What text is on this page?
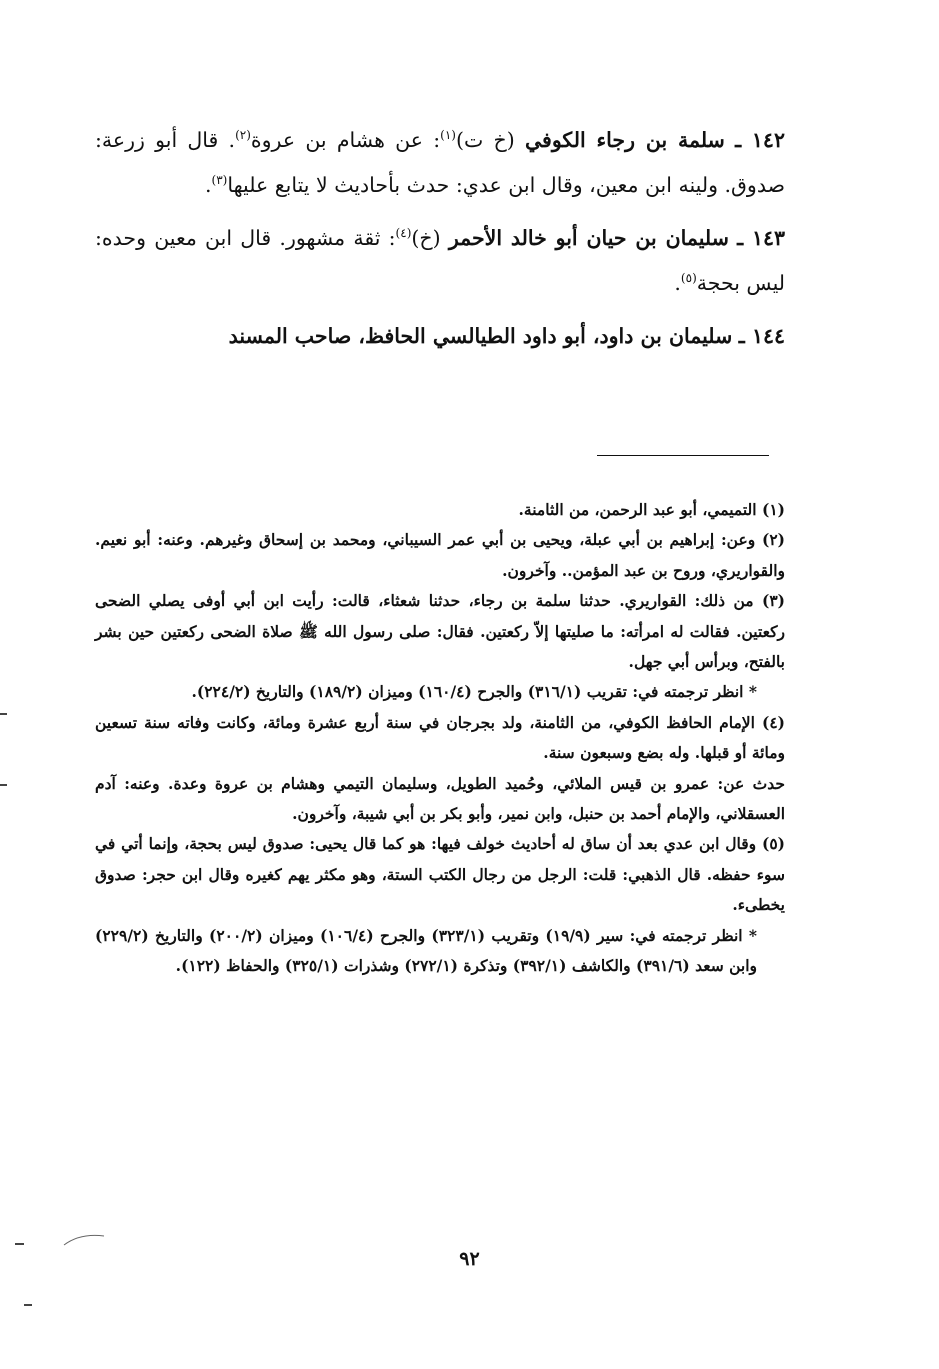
١٤٢ ـ سلمة بن رجاء الكوفي (خ ت)$^{(١)}$: عن هشام بن عروة$^{(٢)}$. قال أبو زرعة: صدوق. ولينه ابن معين، وقال ابن عدي: حدث بأحاديث لا يتابع عليها$^{(٣)}$.

١٤٣ ـ سليمان بن حيان أبو خالد الأحمر (خ)$^{(٤)}$: ثقة مشهور. قال ابن معين وحده: ليس بحجة$^{(٥)}$.

١٤٤ ـ سليمان بن داود، أبو داود الطيالسي الحافظ، صاحب المسند

(١) التميمي، أبو عبد الرحمن، من الثامنة.

(٢) وعن: إبراهيم بن أبي عبلة، ويحيى بن أبي عمر السيباني، ومحمد بن إسحاق وغيرهم. وعنه: أبو نعيم. والقواريري، وروح بن عبد المؤمن.. وآخرون.

(٣) من ذلك: القواريري. حدثنا سلمة بن رجاء، حدثنا شعثاء، قالت: رأيت ابن أبي أوفى يصلي الضحى ركعتين. فقالت له امرأته: ما صليتها إلاّ ركعتين. فقال: صلى رسول الله ﷺ صلاة الضحى ركعتين حين بشر بالفتح، وبرأس أبي جهل.

* انظر ترجمته في: تقريب (٣١٦/١) والجرح (١٦٠/٤) وميزان (١٨٩/٢) والتاريخ (٢٢٤/٢).

(٤) الإمام الحافظ الكوفي، من الثامنة، ولد بجرجان في سنة أربع عشرة ومائة، وكانت وفاته سنة تسعين ومائة أو قبلها. وله بضع وسبعون سنة.

حدث عن: عمرو بن قيس الملائي، وحُميد الطويل، وسليمان التيمي وهشام بن عروة وعدة. وعنه: آدم العسقلاني، والإمام أحمد بن حنبل، وابن نمير، وأبو بكر بن أبي شيبة، وآخرون.

(٥) وقال ابن عدي بعد أن ساق له أحاديث خولف فيها: هو كما قال يحيى: صدوق ليس بحجة، وإنما أتي في سوء حفظه. قال الذهبي: قلت: الرجل من رجال الكتب الستة، وهو مكثر يهم كغيره وقال ابن حجر: صدوق يخطىء.

* انظر ترجمته في: سير (١٩/٩) وتقريب (٣٢٣/١) والجرح (١٠٦/٤) وميزان (٢٠٠/٢) والتاريخ (٢٢٩/٢) وابن سعد (٣٩١/٦) والكاشف (٣٩٢/١) وتذكرة (٢٧٢/١) وشذرات (٣٢٥/١) والحفاظ (١٢٢).

٩٢
